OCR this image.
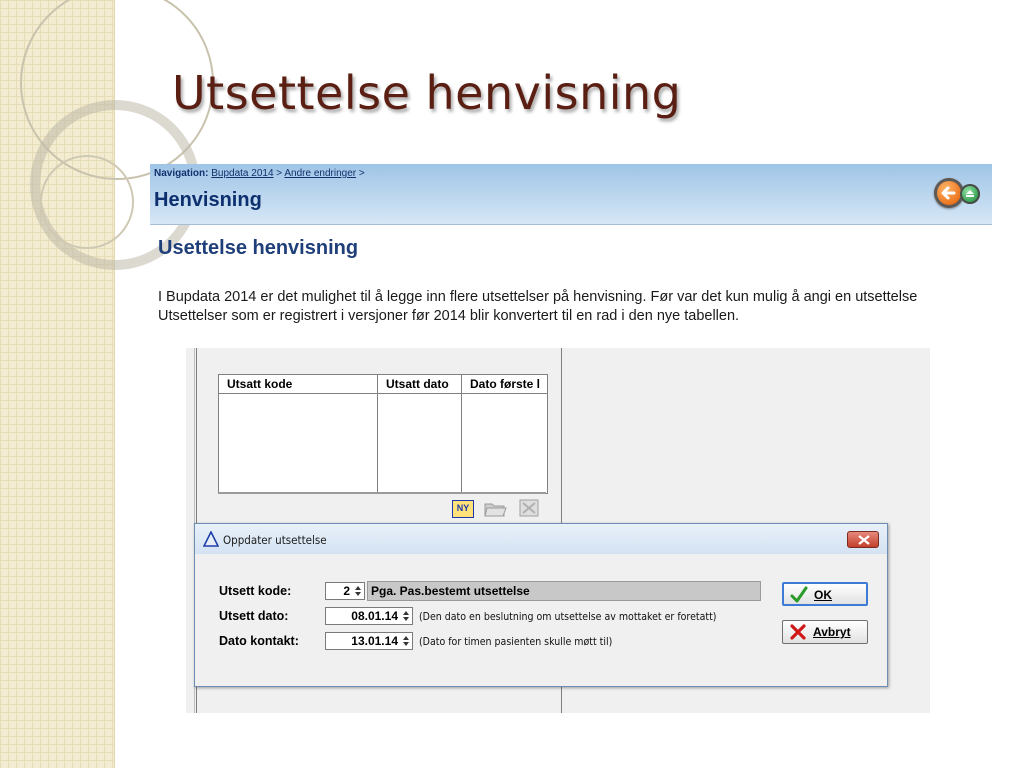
Utsettelse henvisning
Navigation: Bupdata 2014 > Andre endringer >
Henvisning
Usettelse henvisning
I Bupdata 2014 er det mulighet til å legge inn flere utsettelser på henvisning. Før var det kun mulig å angi en utsettelse
Utsettelser som er registrert i versjoner før 2014 blir konvertert til en rad i den nye tabellen.
Utsatt kode	Utsatt dato	Dato første l
NY
Oppdater utsettelse
Utsett kode:	2	Pga. Pas.bestemt utsettelse
Utsett dato:	08.01.14	(Den dato en beslutning om utsettelse av mottaket er foretatt)
Dato kontakt:	13.01.14	(Dato for timen pasienten skulle møtt til)
OK
Avbryt
